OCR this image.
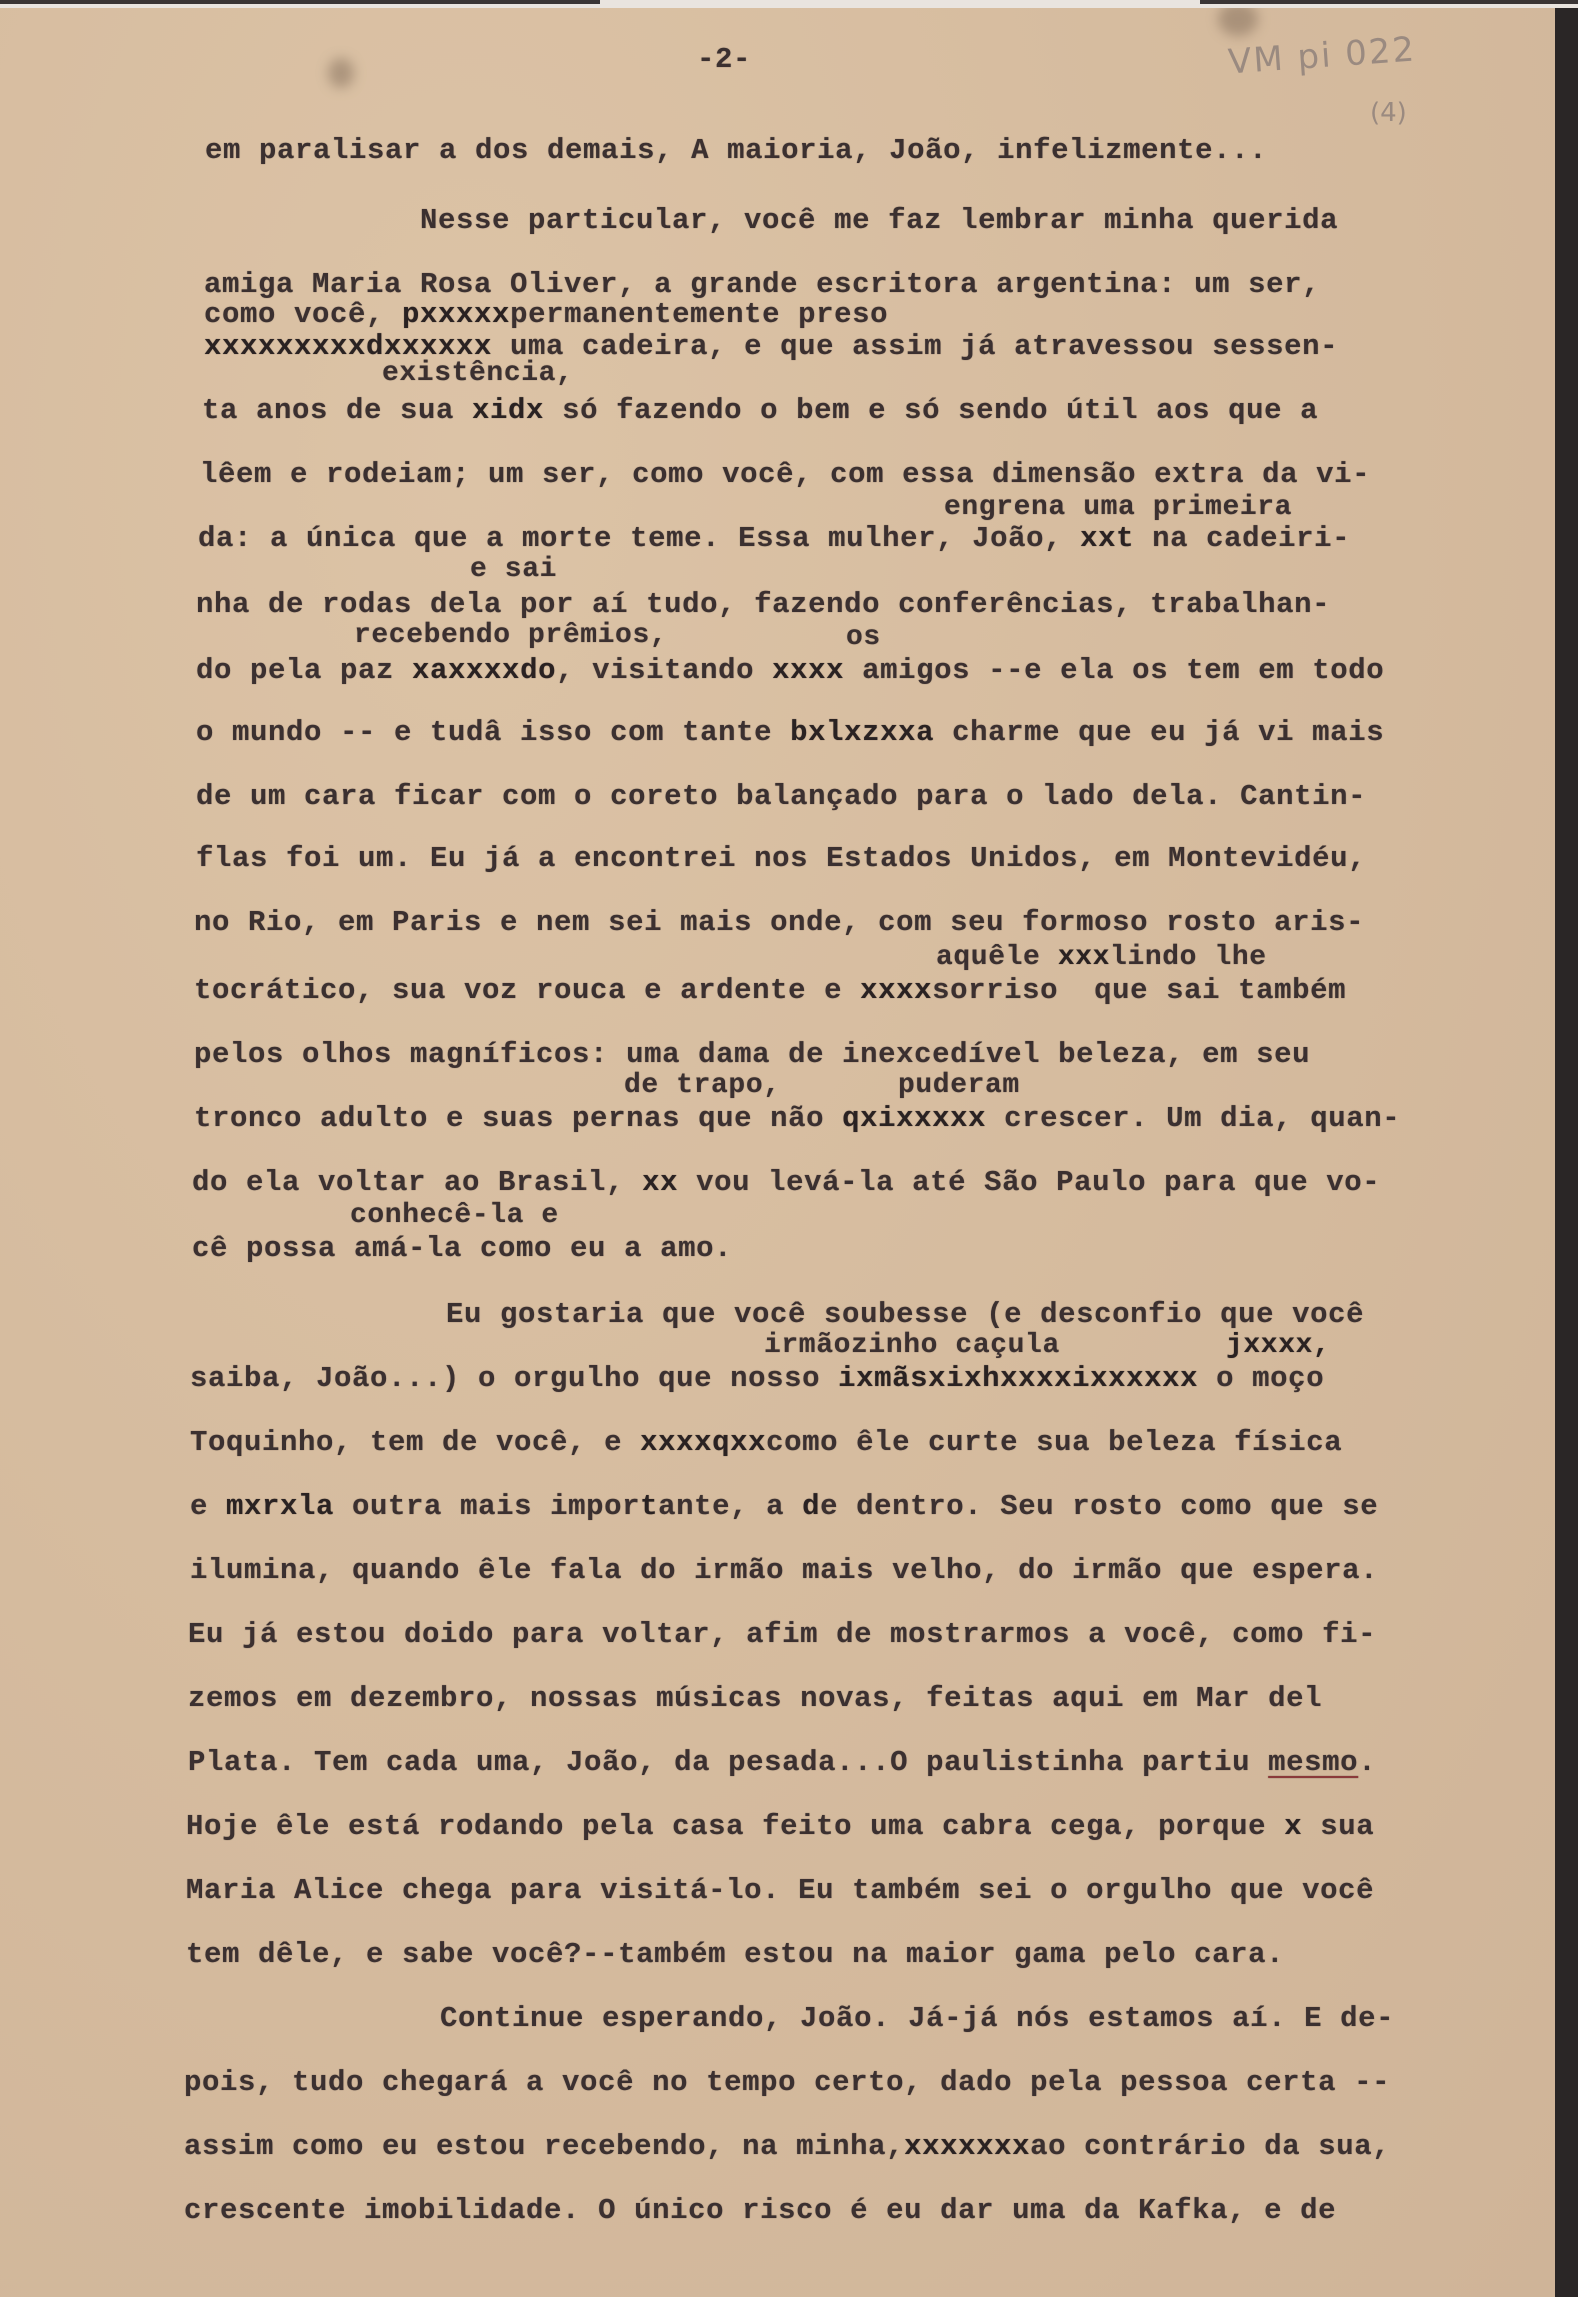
-2-	VM pi 022
(4)
em paralisar a dos demais, A maioria, João, infelizmente...
Nesse particular, você me faz lembrar minha querida
amiga Maria Rosa Oliver, a grande escritora argentina: um ser,
como você, pxxxxxpermanentemente preso
xxxxxxxxxdxxxxxx uma cadeira, e que assim já atravessou sessen-
existência,
ta anos de sua xidx só fazendo o bem e só sendo útil aos que a
lêem e rodeiam; um ser, como você, com essa dimensão extra da vi-
engrena uma primeira
da: a única que a morte teme. Essa mulher, João, xxt na cadeiri-
e sai
nha de rodas dela por aí tudo, fazendo conferências, trabalhan-
recebendo prêmios,	os
do pela paz xaxxxxdo, visitando xxxx amigos --e ela os tem em todo
o mundo -- e tudâ isso com tante bxlxzxxa charme que eu já vi mais
de um cara ficar com o coreto balançado para o lado dela. Cantin-
flas foi um. Eu já a encontrei nos Estados Unidos, em Montevidéu,
no Rio, em Paris e nem sei mais onde, com seu formoso rosto aris-
aquêle xxxlindo lhe
tocrático, sua voz rouca e ardente e xxxxsorriso  que sai também
pelos olhos magníficos: uma dama de inexcedível beleza, em seu
de trapo,	puderam
tronco adulto e suas pernas que não qxixxxxx crescer. Um dia, quan-
do ela voltar ao Brasil, xx vou levá-la até São Paulo para que vo-
conhecê-la e
cê possa amá-la como eu a amo.
Eu gostaria que você soubesse (e desconfio que você
irmãozinho caçula	jxxxx,
saiba, João...) o orgulho que nosso ixmãsxixhxxxxixxxxxx o moço
Toquinho, tem de você, e xxxxqxxcomo êle curte sua beleza física
e mxrxla outra mais importante, a de dentro. Seu rosto como que se
ilumina, quando êle fala do irmão mais velho, do irmão que espera.
Eu já estou doido para voltar, afim de mostrarmos a você, como fi-
zemos em dezembro, nossas músicas novas, feitas aqui em Mar del
Plata. Tem cada uma, João, da pesada...O paulistinha partiu mesmo.
Hoje êle está rodando pela casa feito uma cabra cega, porque x sua
Maria Alice chega para visitá-lo. Eu também sei o orgulho que você
tem dêle, e sabe você?--também estou na maior gama pelo cara.
Continue esperando, João. Já-já nós estamos aí. E de-
pois, tudo chegará a você no tempo certo, dado pela pessoa certa --
assim como eu estou recebendo, na minha,xxxxxxxao contrário da sua,
crescente imobilidade. O único risco é eu dar uma da Kafka, e de
